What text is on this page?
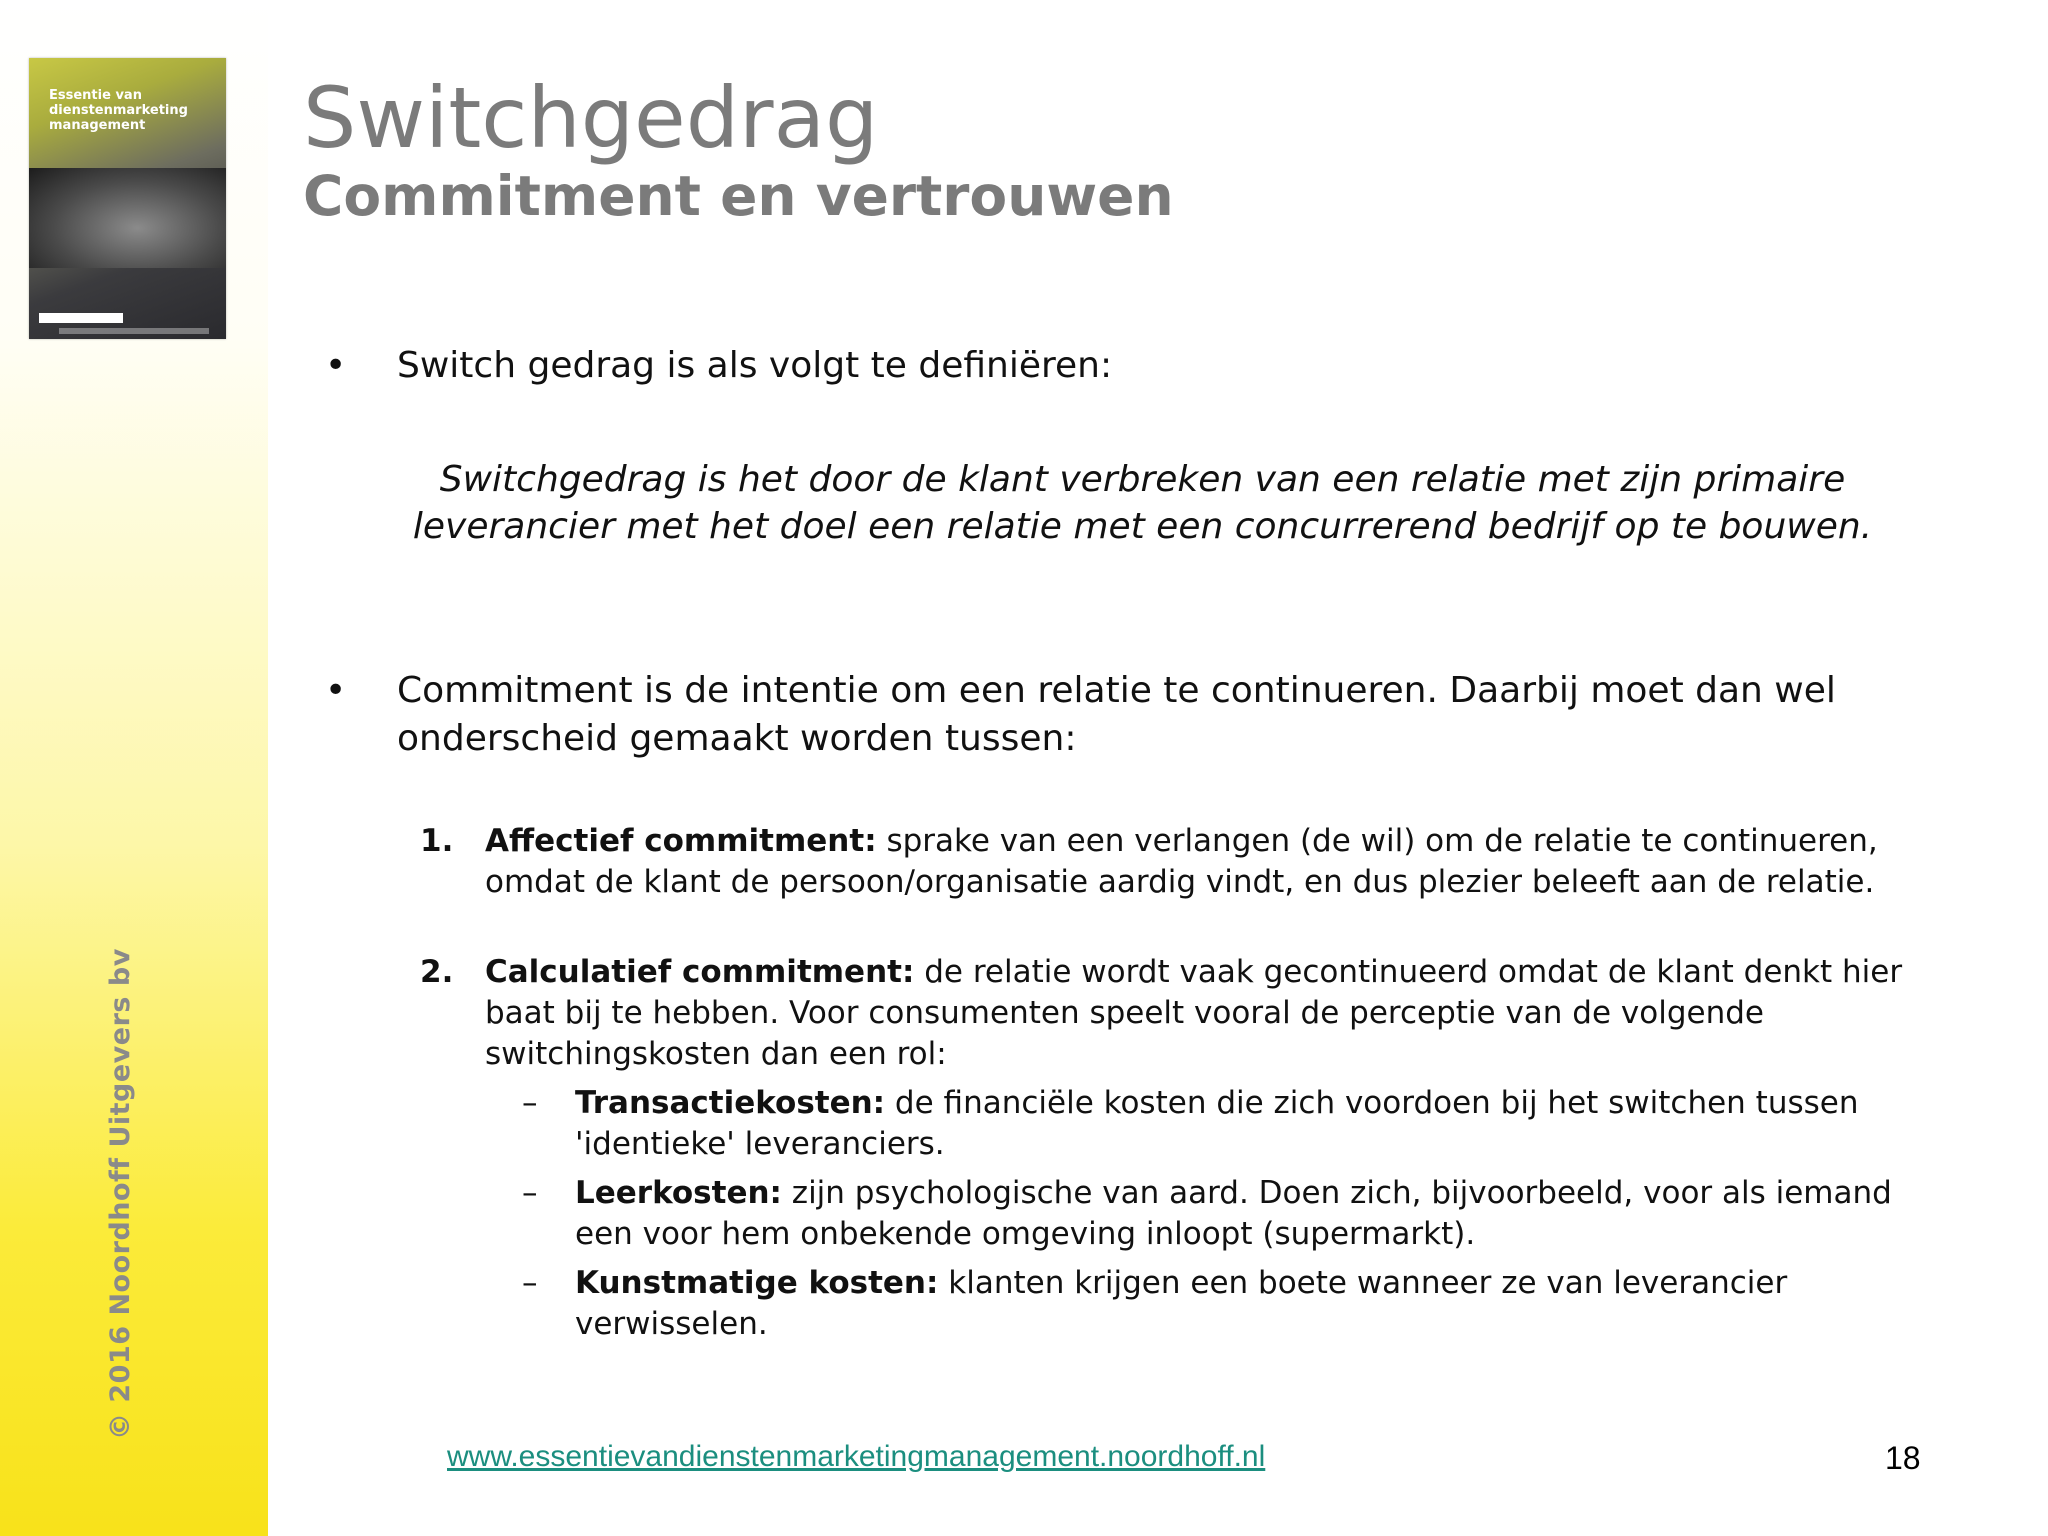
Essentie van dienstenmarketing management
© 2016 Noordhoff Uitgevers bv
Switchgedrag
Commitment en vertrouwen
• Switch gedrag is als volgt te definiëren:
Switchgedrag is het door de klant verbreken van een relatie met zijn primaire leverancier met het doel een relatie met een concurrerend bedrijf op te bouwen.
• Commitment is de intentie om een relatie te continueren. Daarbij moet dan wel onderscheid gemaakt worden tussen:
1. Affectief commitment: sprake van een verlangen (de wil) om de relatie te continueren, omdat de klant de persoon/organisatie aardig vindt, en dus plezier beleeft aan de relatie.
2. Calculatief commitment: de relatie wordt vaak gecontinueerd omdat de klant denkt hier baat bij te hebben. Voor consumenten speelt vooral de perceptie van de volgende switchingskosten dan een rol:
– Transactiekosten: de financiële kosten die zich voordoen bij het switchen tussen 'identieke' leveranciers.
– Leerkosten: zijn psychologische van aard. Doen zich, bijvoorbeeld, voor als iemand een voor hem onbekende omgeving inloopt (supermarkt).
– Kunstmatige kosten: klanten krijgen een boete wanneer ze van leverancier verwisselen.
www.essentievandienstenmarketingmanagement.noordhoff.nl	18
